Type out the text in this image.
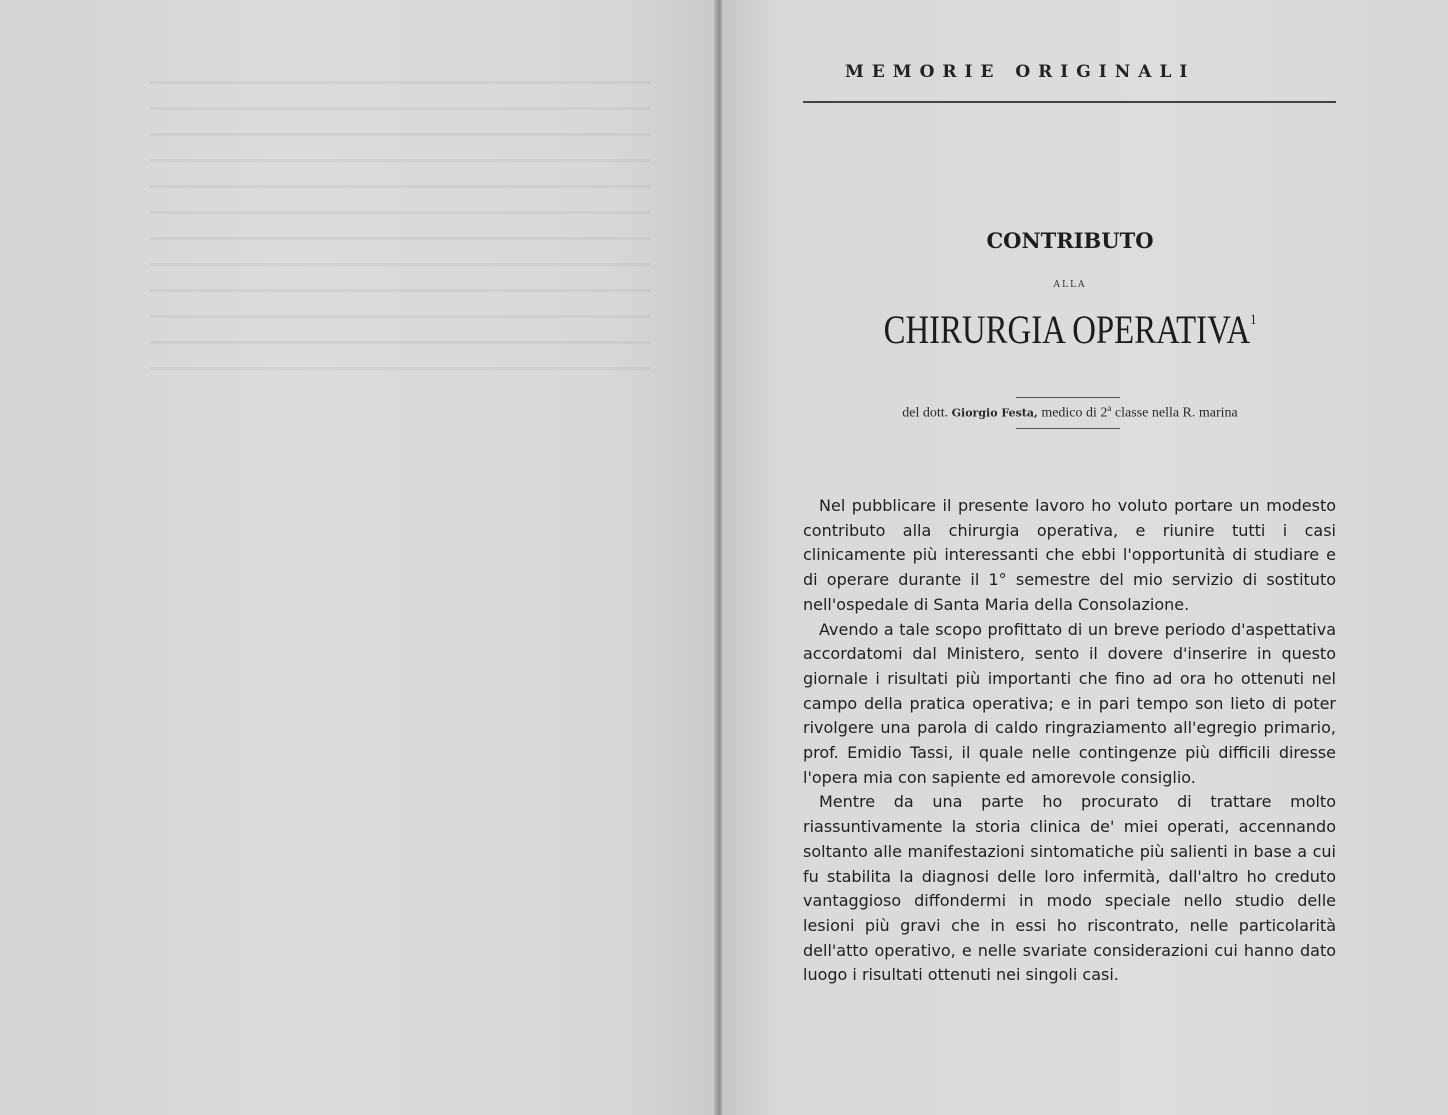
MEMORIE ORIGINALI
CONTRIBUTO
ALLA
CHIRURGIA OPERATIVA$^1$
del dott. Giorgio Festa, medico di 2$^a$ classe nella R. marina

Nel pubblicare il presente lavoro ho voluto portare un modesto contributo alla chirurgia operativa, e riunire tutti i casi clinicamente più interessanti che ebbi l'opportunità di studiare e di operare durante il 1° semestre del mio servizio di sostituto nell'ospedale di Santa Maria della Consolazione.

Avendo a tale scopo profittato di un breve periodo d'aspettativa accordatomi dal Ministero, sento il dovere d'inserire in questo giornale i risultati più importanti che fino ad ora ho ottenuti nel campo della pratica operativa; e in pari tempo son lieto di poter rivolgere una parola di caldo ringraziamento all'egregio primario, prof. Emidio Tassi, il quale nelle contingenze più difficili diresse l'opera mia con sapiente ed amorevole consiglio.

Mentre da una parte ho procurato di trattare molto riassuntivamente la storia clinica de' miei operati, accennando soltanto alle manifestazioni sintomatiche più salienti in base a cui fu stabilita la diagnosi delle loro infermità, dall'altro ho creduto vantaggioso diffondermi in modo speciale nello studio delle lesioni più gravi che in essi ho riscontrato, nelle particolarità dell'atto operativo, e nelle svariate considerazioni cui hanno dato luogo i risultati ottenuti nei singoli casi.
